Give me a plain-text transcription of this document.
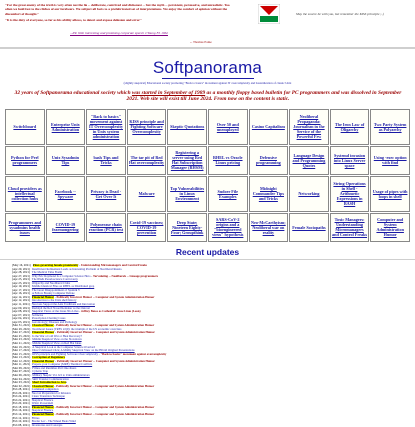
"For the great enemy of the truth is very often not the lie -- deliberate, contrived and dishonest -- but the myth -- persistent, persuasive, and unrealistic. Too often we hold fast to the cliches of our forebears. We subject all facts to a prefabricated set of interpretations. We enjoy the comfort of opinion without the discomfort of thought."
"It is the duty of everyone, so far as his ability allows, to detect and expose delusion and error"
...Ple little interesting and promising corporate speech J.Young FL 1962
-- Thomas Paine
May the source be with you, but remember the KISS principle ;-)
Softpanorama
(slightly skeptical) Educational society promoting "Back to basics" movement against IT overcomplexity and bastardization of classic Unix
32 years of Softpanorama educational society which was started in September of 1989 as a monthly floppy based bulletin for PC programmers and was dissolved in September 2021. Web site will exist till June 2024. From now on the content is static.
Switchboard	Enterprise Unix Administration	"Back to basics" movement against IT Overcomplexity in Unix system administration	KISS principle and Fighting Software Overcomplexity	Skeptic Quotations	Over 50 and unemployed	Casino Capitalism	Neoliberal Propaganda: Journalism in the Service of the Powerful Few	The Iron Law of Oligarchy	Two Party System as Polyarchy
Python for Perl programmers	Unix Sysadmin Tips	bash Tips and Tricks	The tar pit of Red Hat overcomplexity	Registering a server using Red Hat Subscription Manager (RHSM)	RHEL vs Oracle Linux pricing	Defensive programming	Language Design and Programming Quotes	Systemd invasion into Linux Server space	Using -exec option with find
Cloud providers as intellectual collection hubs	Facebook -- Spyware	Privacy is Dead - Get Over It	Malware	Top Vulnerabilities in Linux Environment	Sudoer File Examples	Midnight Commander Tips and Tricks	Networking	String Operations in Shell - Arithmetic Expressions in BASH	Usage of pipes with loops in shell
Programmers and sysadmins health issues	COVID-19 fearmongering	Polymerase chain reaction (PCR) test	Covid-19 vaccines; COVID-19 prevention	Deep State; Nineteen Eighty-Four; Groupthink	SARS-CoV-2 origins and a "bioengineered virus" hypothesis	Neo-McCarthyism; Neoliberal war on reality	Female Sociopaths	Toxic Managers: Understanding Micromanagers and Control Freaks	Computer and System Administration Humor
Recent updates
(May 16, 2021) Fines governing female promiscuity - Understanding Micromanagers and Control Freaks
(Apr 29, 2021) Insufficient Refinement Leads as Interesting Problem of Neoliberal Russia
(Apr 28, 2021) The Medical Time Bomb
(Apr 27, 2021) Why Eric Raymond Is a Computer Science Hero - Tarvulating -- Neoliberals -- Lineage programmers
(Apr 25, 2021) The IPAK Pseudoscience Controversy
(Apr 23, 2021) Oligarchy and Neoliberal Clubs
(Apr 19, 2021) Middle Identical Files on RHEL as Distributed grep
(Apr 17, 2021) The Great Disappointment of Sputnik V
(Apr 16, 2021) A Fellow Bounty Computer Debate
(Apr 14, 2021) Financial Humor - Politically Incorrect Humor -- Computer and System Administration Humor
(Apr 12, 2021) Introduction to the Unix shell history
(Apr 11, 2021) Neocons Support the Axis Traditions and Innovation
(Apr 09, 2021) Rudolph the Red Nosed Reindeer as the Outcast
(Apr 08, 2021) Skeptical Views of the Lines Nio Lifes - Jeffrey Bezos as Cathedral: Jesse Lines (Leon)
(Apr 07, 2021) Softnews
(Apr 04, 2021) Prescription Charting Cases
(Apr 03, 2021) Gerontology; Diseases and Pathology
(Mar 31, 2021) Classical Humor - Politically Incorrect Humor -- Computer and System Administration Humor
(Mar 29, 2021) Neoliberal Issues (TRES 22(0): the triumph of the US economic overclass
(Mar 27, 2021) Financial Humor - Politically Incorrect Humor -- Computer and System Administration Humor
(Mar 25, 2021) Is the War a Cold War or Heat Recovery?
(Mar 23, 2021) Middle Skeptical View on the Slowdown
(Mar 21, 2021) Middle Skeptical View on Red Hat Ideas
(Mar 19, 2021) A Skeptical Look at the Computer Science Overlord
(Mar 17, 2021) Direct Unbiased Click; A Mildly Skeptical View on the Hibrid Original Presentations
(Mar 15, 2021) KISS principle and Fighting Software Overcomplexity - "Back to basics" movement against overcomplexity
(Mar 13, 2021) Corruption of Regulators
(Mar 12, 2021) Financial Humor - Politically Incorrect Humor -- Computer and System Administration Humor
(Mar 11, 2021) Prepare your Computer (MRE) Thermal Conflicts
(Mar 09, 2021) Fifties and Runtimes Perl One-liners
(Mar 07, 2021) Cyberia Trap
(Mar 06, 2021) Military Skeptic Vol. 6/2 to Unix administrators
(Mar 04, 2021) Skill Transfer Communication
(Mar 03, 2021) Short Introduction to Java
(Mar 02, 2021) Classical Humor - Politically Incorrect Humor -- Computer and System Administration Humor
(Feb 28, 2021) Command completion
(Feb 26, 2021) Neocon Preparation for Infusion
(Feb 24, 2021) Clean Transition Technique
(Feb 22, 2021) Skeptical Finance
(Feb 20, 2021) Wmic Powershell
(Feb 18, 2021) Financial Humor - Politically Incorrect Humor -- Computer and System Administration Humor
(Feb 16, 2021) Skeptical Finance
(Feb 14, 2021) Financial Humor - Politically Incorrect Humor -- Computer and System Administration Humor
(Feb 12, 2021) Fifties
(Feb 10, 2021) Border Lev - The Wheel Beats Wind
(Feb 08, 2021) Inventories and Concepts
